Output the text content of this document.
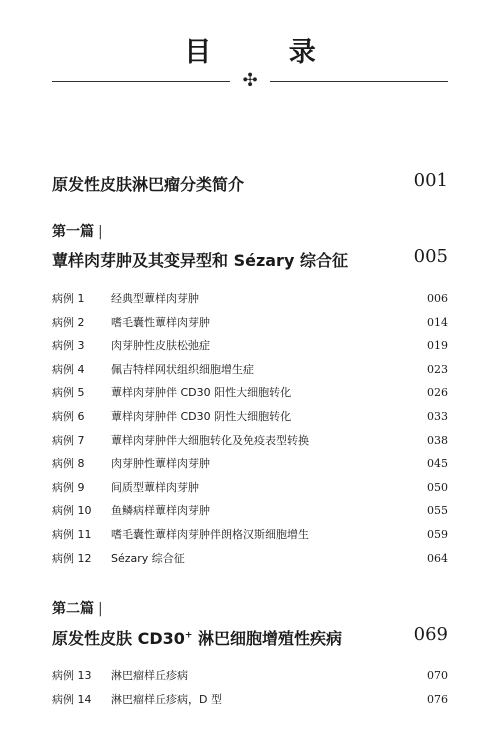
目 录
✣
原发性皮肤淋巴瘤分类简介	001
第一篇 |
蕈样肉芽肿及其变异型和 Sézary 综合征	005
病例 1 经典型蕈样肉芽肿	006
病例 2 嗜毛囊性蕈样肉芽肿	014
病例 3 肉芽肿性皮肤松弛症	019
病例 4 佩吉特样网状组织细胞增生症	023
病例 5 蕈样肉芽肿伴 CD30 阳性大细胞转化	026
病例 6 蕈样肉芽肿伴 CD30 阴性大细胞转化	033
病例 7 蕈样肉芽肿伴大细胞转化及免疫表型转换	038
病例 8 肉芽肿性蕈样肉芽肿	045
病例 9 间质型蕈样肉芽肿	050
病例 10 鱼鳞病样蕈样肉芽肿	055
病例 11 嗜毛囊性蕈样肉芽肿伴朗格汉斯细胞增生	059
病例 12 Sézary 综合征	064
第二篇 |
原发性皮肤 CD30+ 淋巴细胞增殖性疾病	069
病例 13 淋巴瘤样丘疹病	070
病例 14 淋巴瘤样丘疹病，D 型	076
